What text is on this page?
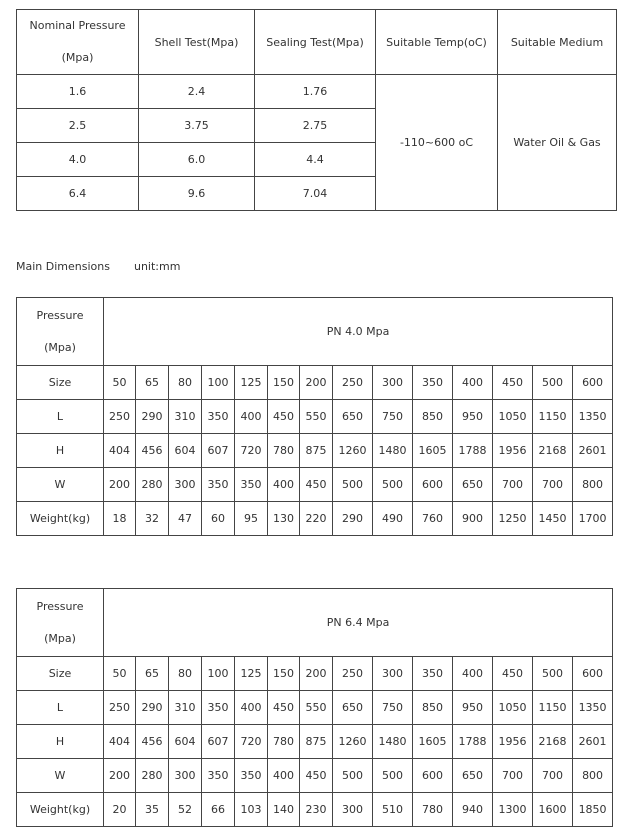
Nominal Pressure
(Mpa)	Shell Test(Mpa)	Sealing Test(Mpa)	Suitable Temp(oC)	Suitable Medium
1.6	2.4	1.76	-110~600 oC	Water Oil & Gas
2.5	3.75	2.75		
4.0	6.0	4.4		
6.4	9.6	7.04		
Main Dimensions unit:mm
Pressure
(Mpa)	PN 4.0 Mpa													
Size	50	65	80	100	125	150	200	250	300	350	400	450	500	600
L	250	290	310	350	400	450	550	650	750	850	950	1050	1150	1350
H	404	456	604	607	720	780	875	1260	1480	1605	1788	1956	2168	2601
W	200	280	300	350	350	400	450	500	500	600	650	700	700	800
Weight(kg)	18	32	47	60	95	130	220	290	490	760	900	1250	1450	1700
Pressure
(Mpa)	PN 6.4 Mpa													
Size	50	65	80	100	125	150	200	250	300	350	400	450	500	600
L	250	290	310	350	400	450	550	650	750	850	950	1050	1150	1350
H	404	456	604	607	720	780	875	1260	1480	1605	1788	1956	2168	2601
W	200	280	300	350	350	400	450	500	500	600	650	700	700	800
Weight(kg)	20	35	52	66	103	140	230	300	510	780	940	1300	1600	1850
